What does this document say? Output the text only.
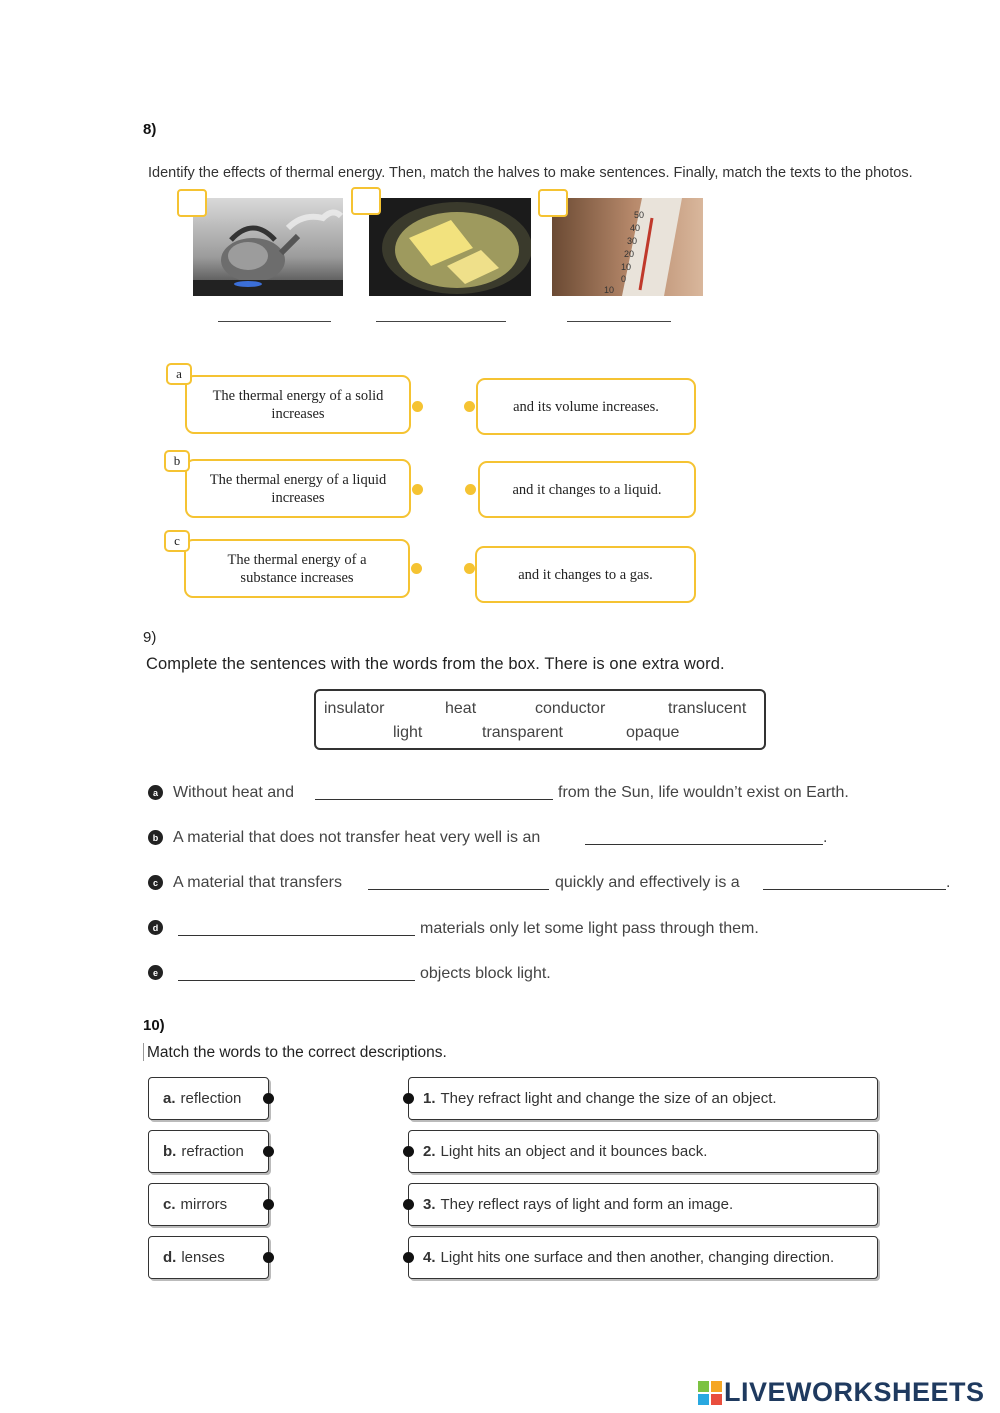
8)
Identify the effects of thermal energy. Then, match the halves to make sentences. Finally, match the texts to the photos.
50
40
30
20
10
0
10
The thermal energy of a solid increases
a
The thermal energy of a liquid increases
b
The thermal energy of a substance increases
c
and its volume increases.
and it changes to a liquid.
and it changes to a gas.
9)
Complete the sentences with the words from the box. There is one extra word.
insulator	heat	conductor	translucent
light	transparent	opaque
a Without heat and	from the Sun, life wouldn’t exist on Earth.
b A material that does not transfer heat very well is an	.
c A material that transfers	quickly and effectively is a	.
d	materials only let some light pass through them.
e	objects block light.
10)
Match the words to the correct descriptions.
a. reflection
b. refraction
c. mirrors
d. lenses
1. They refract light and change the size of an object.
2. Light hits an object and it bounces back.
3. They reflect rays of light and form an image.
4. Light hits one surface and then another, changing direction.
LIVEWORKSHEETS
